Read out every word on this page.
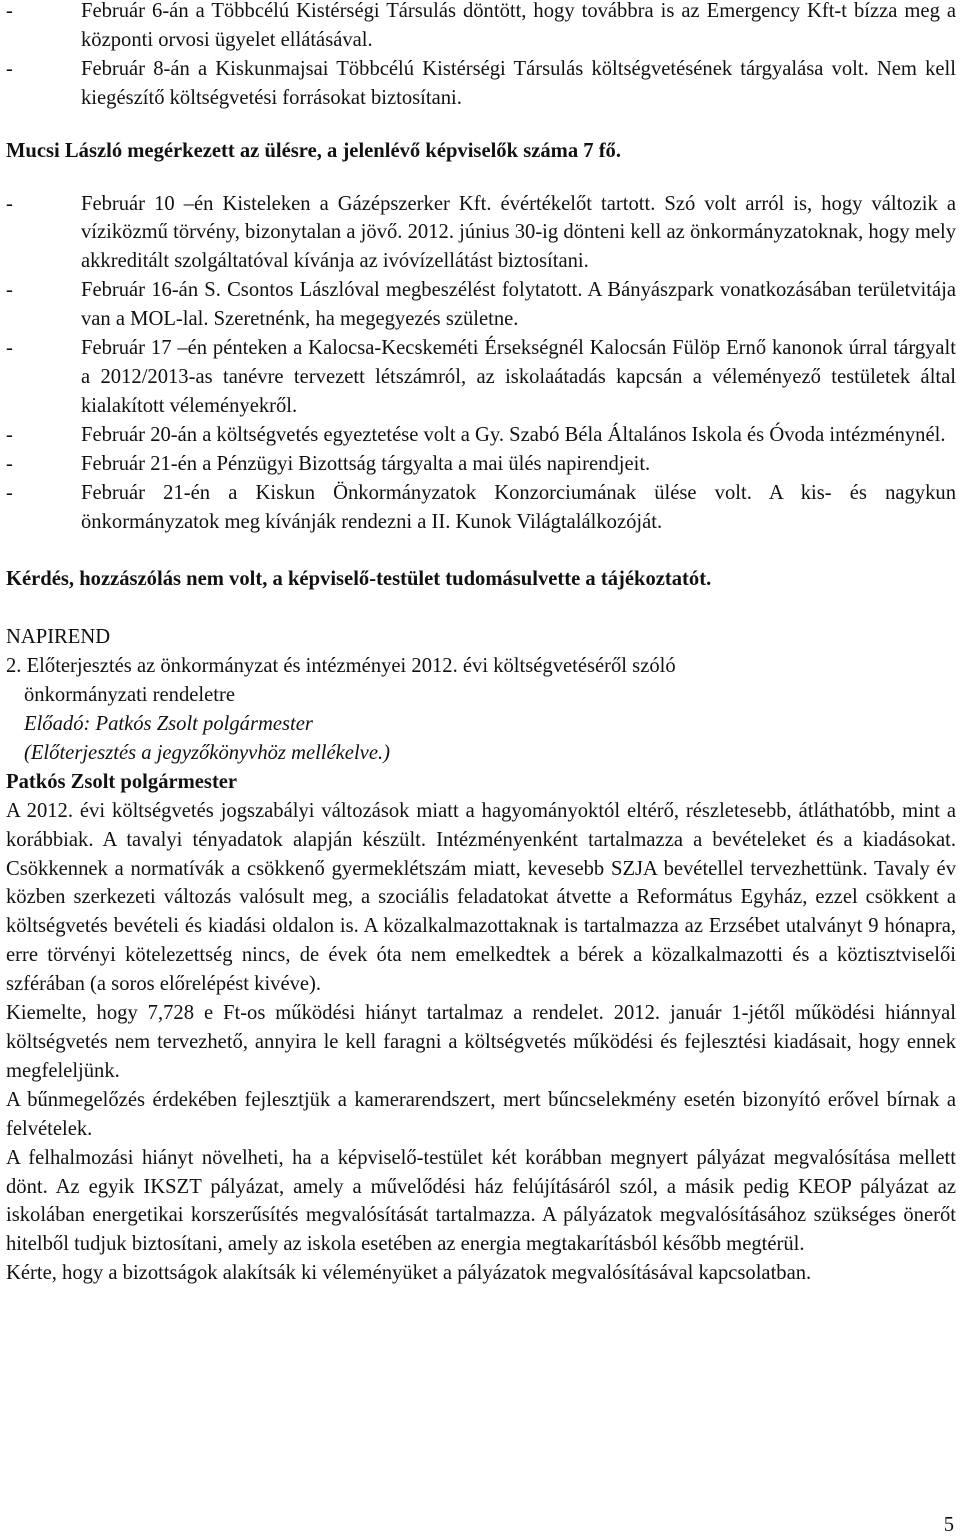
-	Február 6-án a Többcélú Kistérségi Társulás döntött, hogy továbbra is az Emergency Kft-t bízza meg a központi orvosi ügyelet ellátásával.
-	Február 8-án a Kiskunmajsai Többcélú Kistérségi Társulás költségvetésének tárgyalása volt. Nem kell kiegészítő költségvetési forrásokat biztosítani.
Mucsi László megérkezett az ülésre, a jelenlévő képviselők száma 7 fő.
-	Február 10 –én Kisteleken a Gázépszerker Kft. évértékelőt tartott. Szó volt arról is, hogy változik a víziközmű törvény, bizonytalan a jövő. 2012. június 30-ig dönteni kell az önkormányzatoknak, hogy mely akkreditált szolgáltatóval kívánja az ivóvízellátást biztosítani.
-	Február 16-án S. Csontos Lászlóval megbeszélést folytatott. A Bányászpark vonatkozásában területvitája van a MOL-lal. Szeretnénk, ha megegyezés születne.
-	Február 17 –én pénteken a Kalocsa-Kecskeméti Érsekségnél Kalocsán Fülöp Ernő kanonok úrral tárgyalt a 2012/2013-as tanévre tervezett létszámról, az iskolaátadás kapcsán a véleményező testületek által kialakított véleményekről.
-	Február 20-án a költségvetés egyeztetése volt a Gy. Szabó Béla Általános Iskola és Óvoda intézménynél.
-	Február 21-én a Pénzügyi Bizottság tárgyalta a mai ülés napirendjeit.
-	Február 21-én a Kiskun Önkormányzatok Konzorciumának ülése volt. A kis- és nagykun önkormányzatok meg kívánják rendezni a II. Kunok Világtalálkozóját.
Kérdés, hozzászólás nem volt, a képviselő-testület tudomásulvette a tájékoztatót.
NAPIREND
2. Előterjesztés az önkormányzat és intézményei 2012. évi költségvetéséről szóló
önkormányzati rendeletre
Előadó: Patkós Zsolt polgármester
(Előterjesztés a jegyzőkönyvhöz mellékelve.)
Patkós Zsolt polgármester
A 2012. évi költségvetés jogszabályi változások miatt a hagyományoktól eltérő, részletesebb, átláthatóbb, mint a korábbiak. A tavalyi tényadatok alapján készült. Intézményenként tartalmazza a bevételeket és a kiadásokat. Csökkennek a normatívák a csökkenő gyermeklétszám miatt, kevesebb SZJA bevétellel tervezhettünk. Tavaly év közben szerkezeti változás valósult meg, a szociális feladatokat átvette a Református Egyház, ezzel csökkent a költségvetés bevételi és kiadási oldalon is. A közalkalmazottaknak is tartalmazza az Erzsébet utalványt 9 hónapra, erre törvényi kötelezettség nincs, de évek óta nem emelkedtek a bérek a közalkalmazotti és a köztisztviselői szférában (a soros előrelépést kivéve).
Kiemelte, hogy 7,728 e Ft-os működési hiányt tartalmaz a rendelet. 2012. január 1-jétől működési hiánnyal költségvetés nem tervezhető, annyira le kell faragni a költségvetés működési és fejlesztési kiadásait, hogy ennek megfeleljünk.
A bűnmegelőzés érdekében fejlesztjük a kamerarendszert, mert bűncselekmény esetén bizonyító erővel bírnak a felvételek.
A felhalmozási hiányt növelheti, ha a képviselő-testület két korábban megnyert pályázat megvalósítása mellett dönt. Az egyik IKSZT pályázat, amely a művelődési ház felújításáról szól, a másik pedig KEOP pályázat az iskolában energetikai korszerűsítés megvalósítását tartalmazza. A pályázatok megvalósításához szükséges önerőt hitelből tudjuk biztosítani, amely az iskola esetében az energia megtakarításból később megtérül.
Kérte, hogy a bizottságok alakítsák ki véleményüket a pályázatok megvalósításával kapcsolatban.
5
